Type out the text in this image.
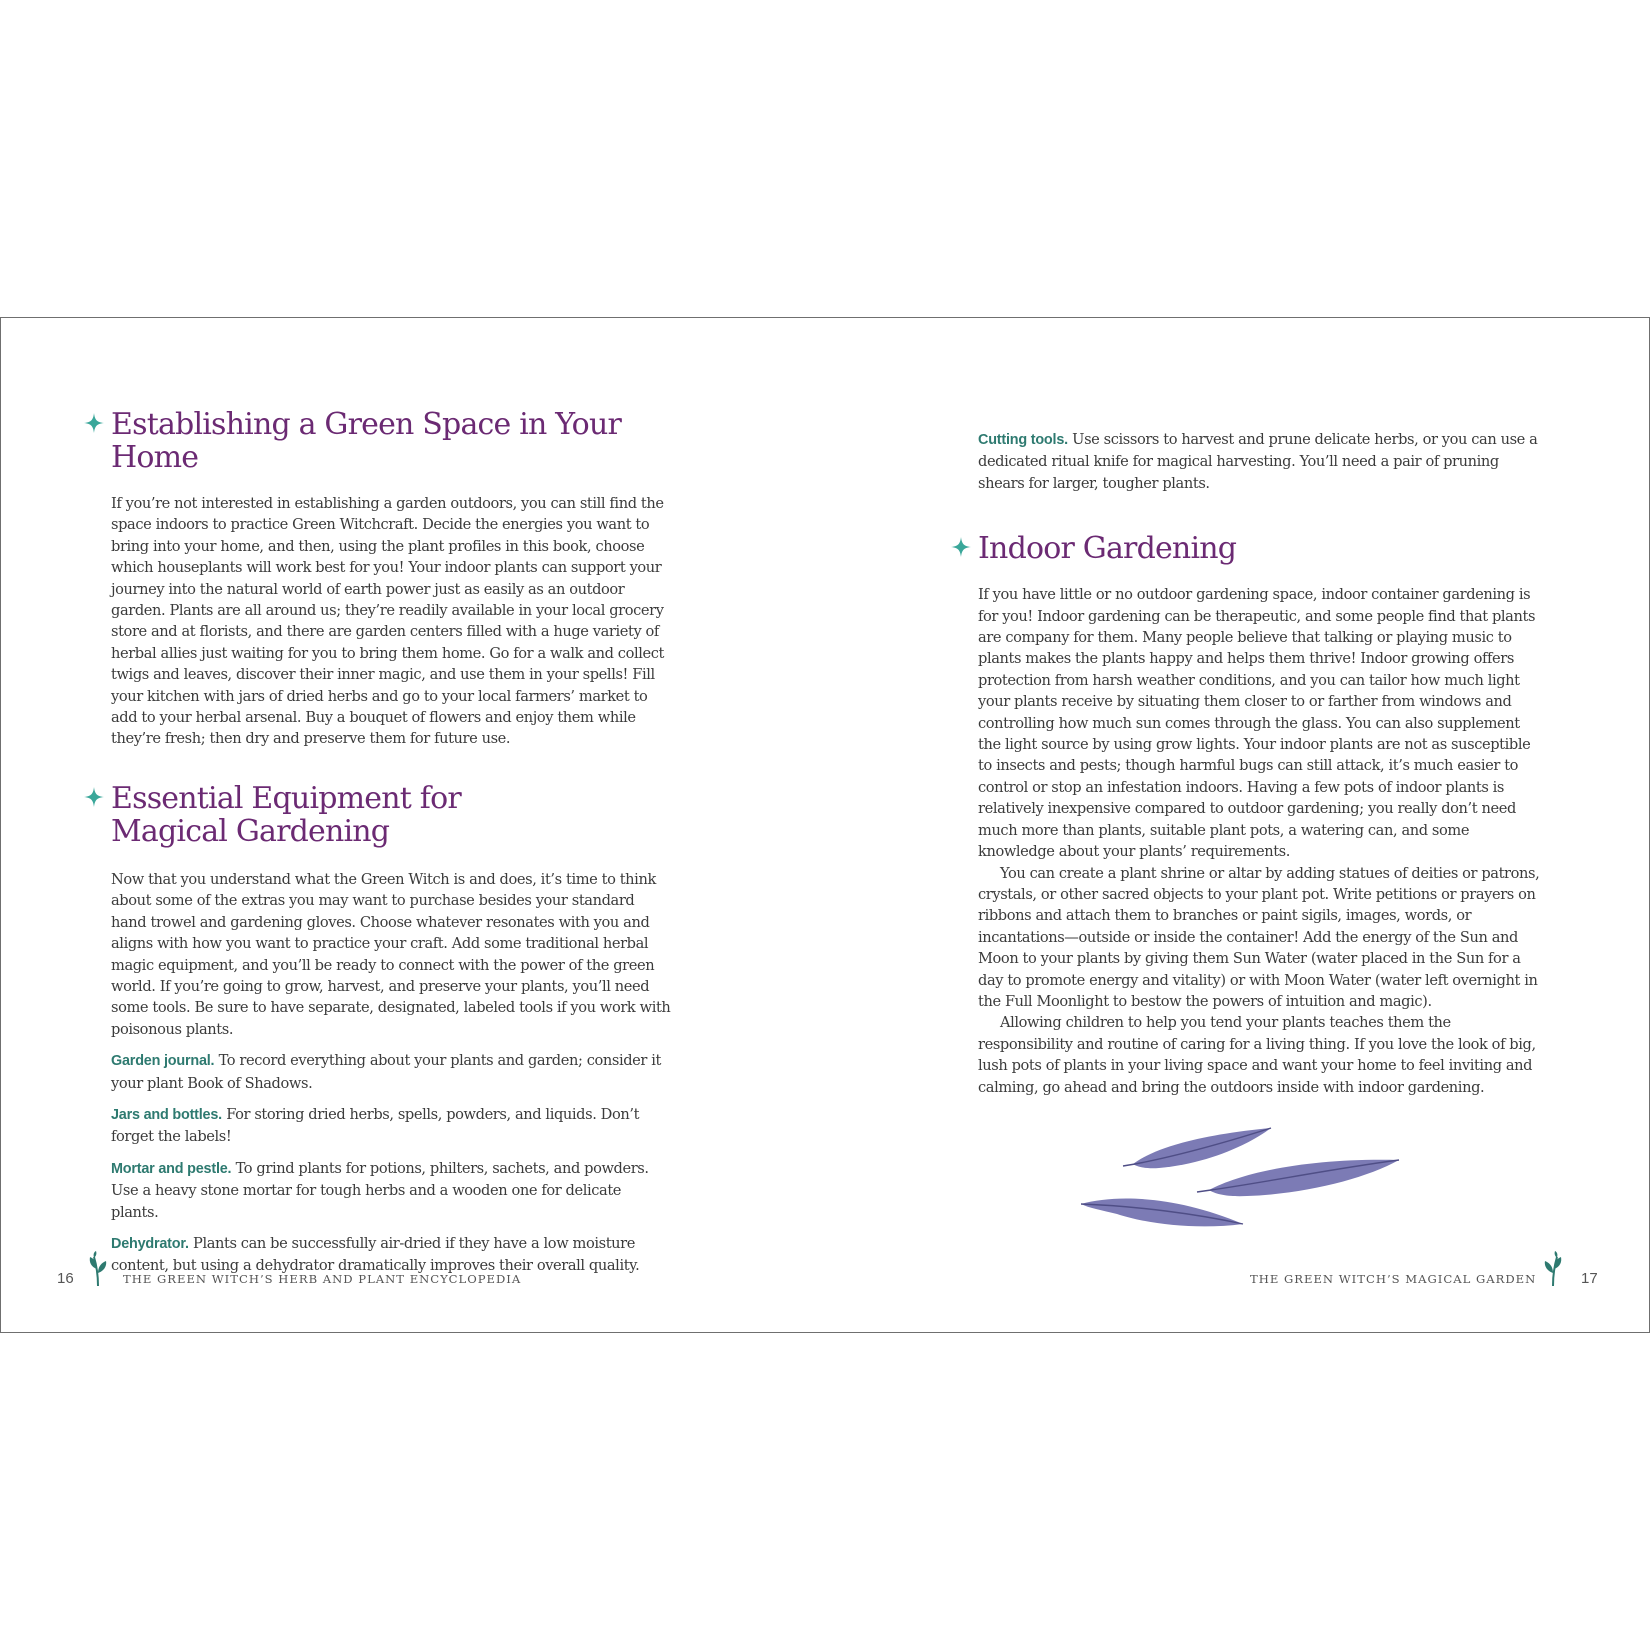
Establishing a Green Space in Your Home

If you’re not interested in establishing a garden outdoors, you can still find the space indoors to practice Green Witchcraft. Decide the energies you want to bring into your home, and then, using the plant profiles in this book, choose which houseplants will work best for you! Your indoor plants can support your journey into the natural world of earth power just as easily as an outdoor garden. Plants are all around us; they’re readily available in your local grocery store and at florists, and there are garden centers filled with a huge variety of herbal allies just waiting for you to bring them home. Go for a walk and collect twigs and leaves, discover their inner magic, and use them in your spells! Fill your kitchen with jars of dried herbs and go to your local farmers’ market to add to your herbal arsenal. Buy a bouquet of flowers and enjoy them while they’re fresh; then dry and preserve them for future use.

Essential Equipment for
Magical Gardening

Now that you understand what the Green Witch is and does, it’s time to think about some of the extras you may want to purchase besides your standard hand trowel and gardening gloves. Choose whatever resonates with you and aligns with how you want to practice your craft. Add some traditional herbal magic equipment, and you’ll be ready to connect with the power of the green world. If you’re going to grow, harvest, and preserve your plants, you’ll need some tools. Be sure to have separate, designated, labeled tools if you work with poisonous plants.

Garden journal. To record everything about your plants and garden; consider it your plant Book of Shadows.

Jars and bottles. For storing dried herbs, spells, powders, and liquids. Don’t forget the labels!

Mortar and pestle. To grind plants for potions, philters, sachets, and powders. Use a heavy stone mortar for tough herbs and a wooden one for delicate plants.

Dehydrator. Plants can be successfully air-dried if they have a low moisture content, but using a dehydrator dramatically improves their overall quality.

16	THE GREEN WITCH’S HERB AND PLANT ENCYCLOPEDIA

Cutting tools. Use scissors to harvest and prune delicate herbs, or you can use a dedicated ritual knife for magical harvesting. You’ll need a pair of pruning shears for larger, tougher plants.

Indoor Gardening

If you have little or no outdoor gardening space, indoor container gardening is for you! Indoor gardening can be therapeutic, and some people find that plants are company for them. Many people believe that talking or playing music to plants makes the plants happy and helps them thrive! Indoor growing offers protection from harsh weather conditions, and you can tailor how much light your plants receive by situating them closer to or farther from windows and controlling how much sun comes through the glass. You can also supplement the light source by using grow lights. Your indoor plants are not as susceptible to insects and pests; though harmful bugs can still attack, it’s much easier to control or stop an infestation indoors. Having a few pots of indoor plants is relatively inexpensive compared to outdoor gardening; you really don’t need much more than plants, suitable plant pots, a watering can, and some knowledge about your plants’ requirements.

You can create a plant shrine or altar by adding statues of deities or patrons, crystals, or other sacred objects to your plant pot. Write petitions or prayers on ribbons and attach them to branches or paint sigils, images, words, or incantations—outside or inside the container! Add the energy of the Sun and Moon to your plants by giving them Sun Water (water placed in the Sun for a day to promote energy and vitality) or with Moon Water (water left overnight in the Full Moonlight to bestow the powers of intuition and magic).

Allowing children to help you tend your plants teaches them the responsibility and routine of caring for a living thing. If you love the look of big, lush pots of plants in your living space and want your home to feel inviting and calming, go ahead and bring the outdoors inside with indoor gardening.

THE GREEN WITCH’S MAGICAL GARDEN	17
